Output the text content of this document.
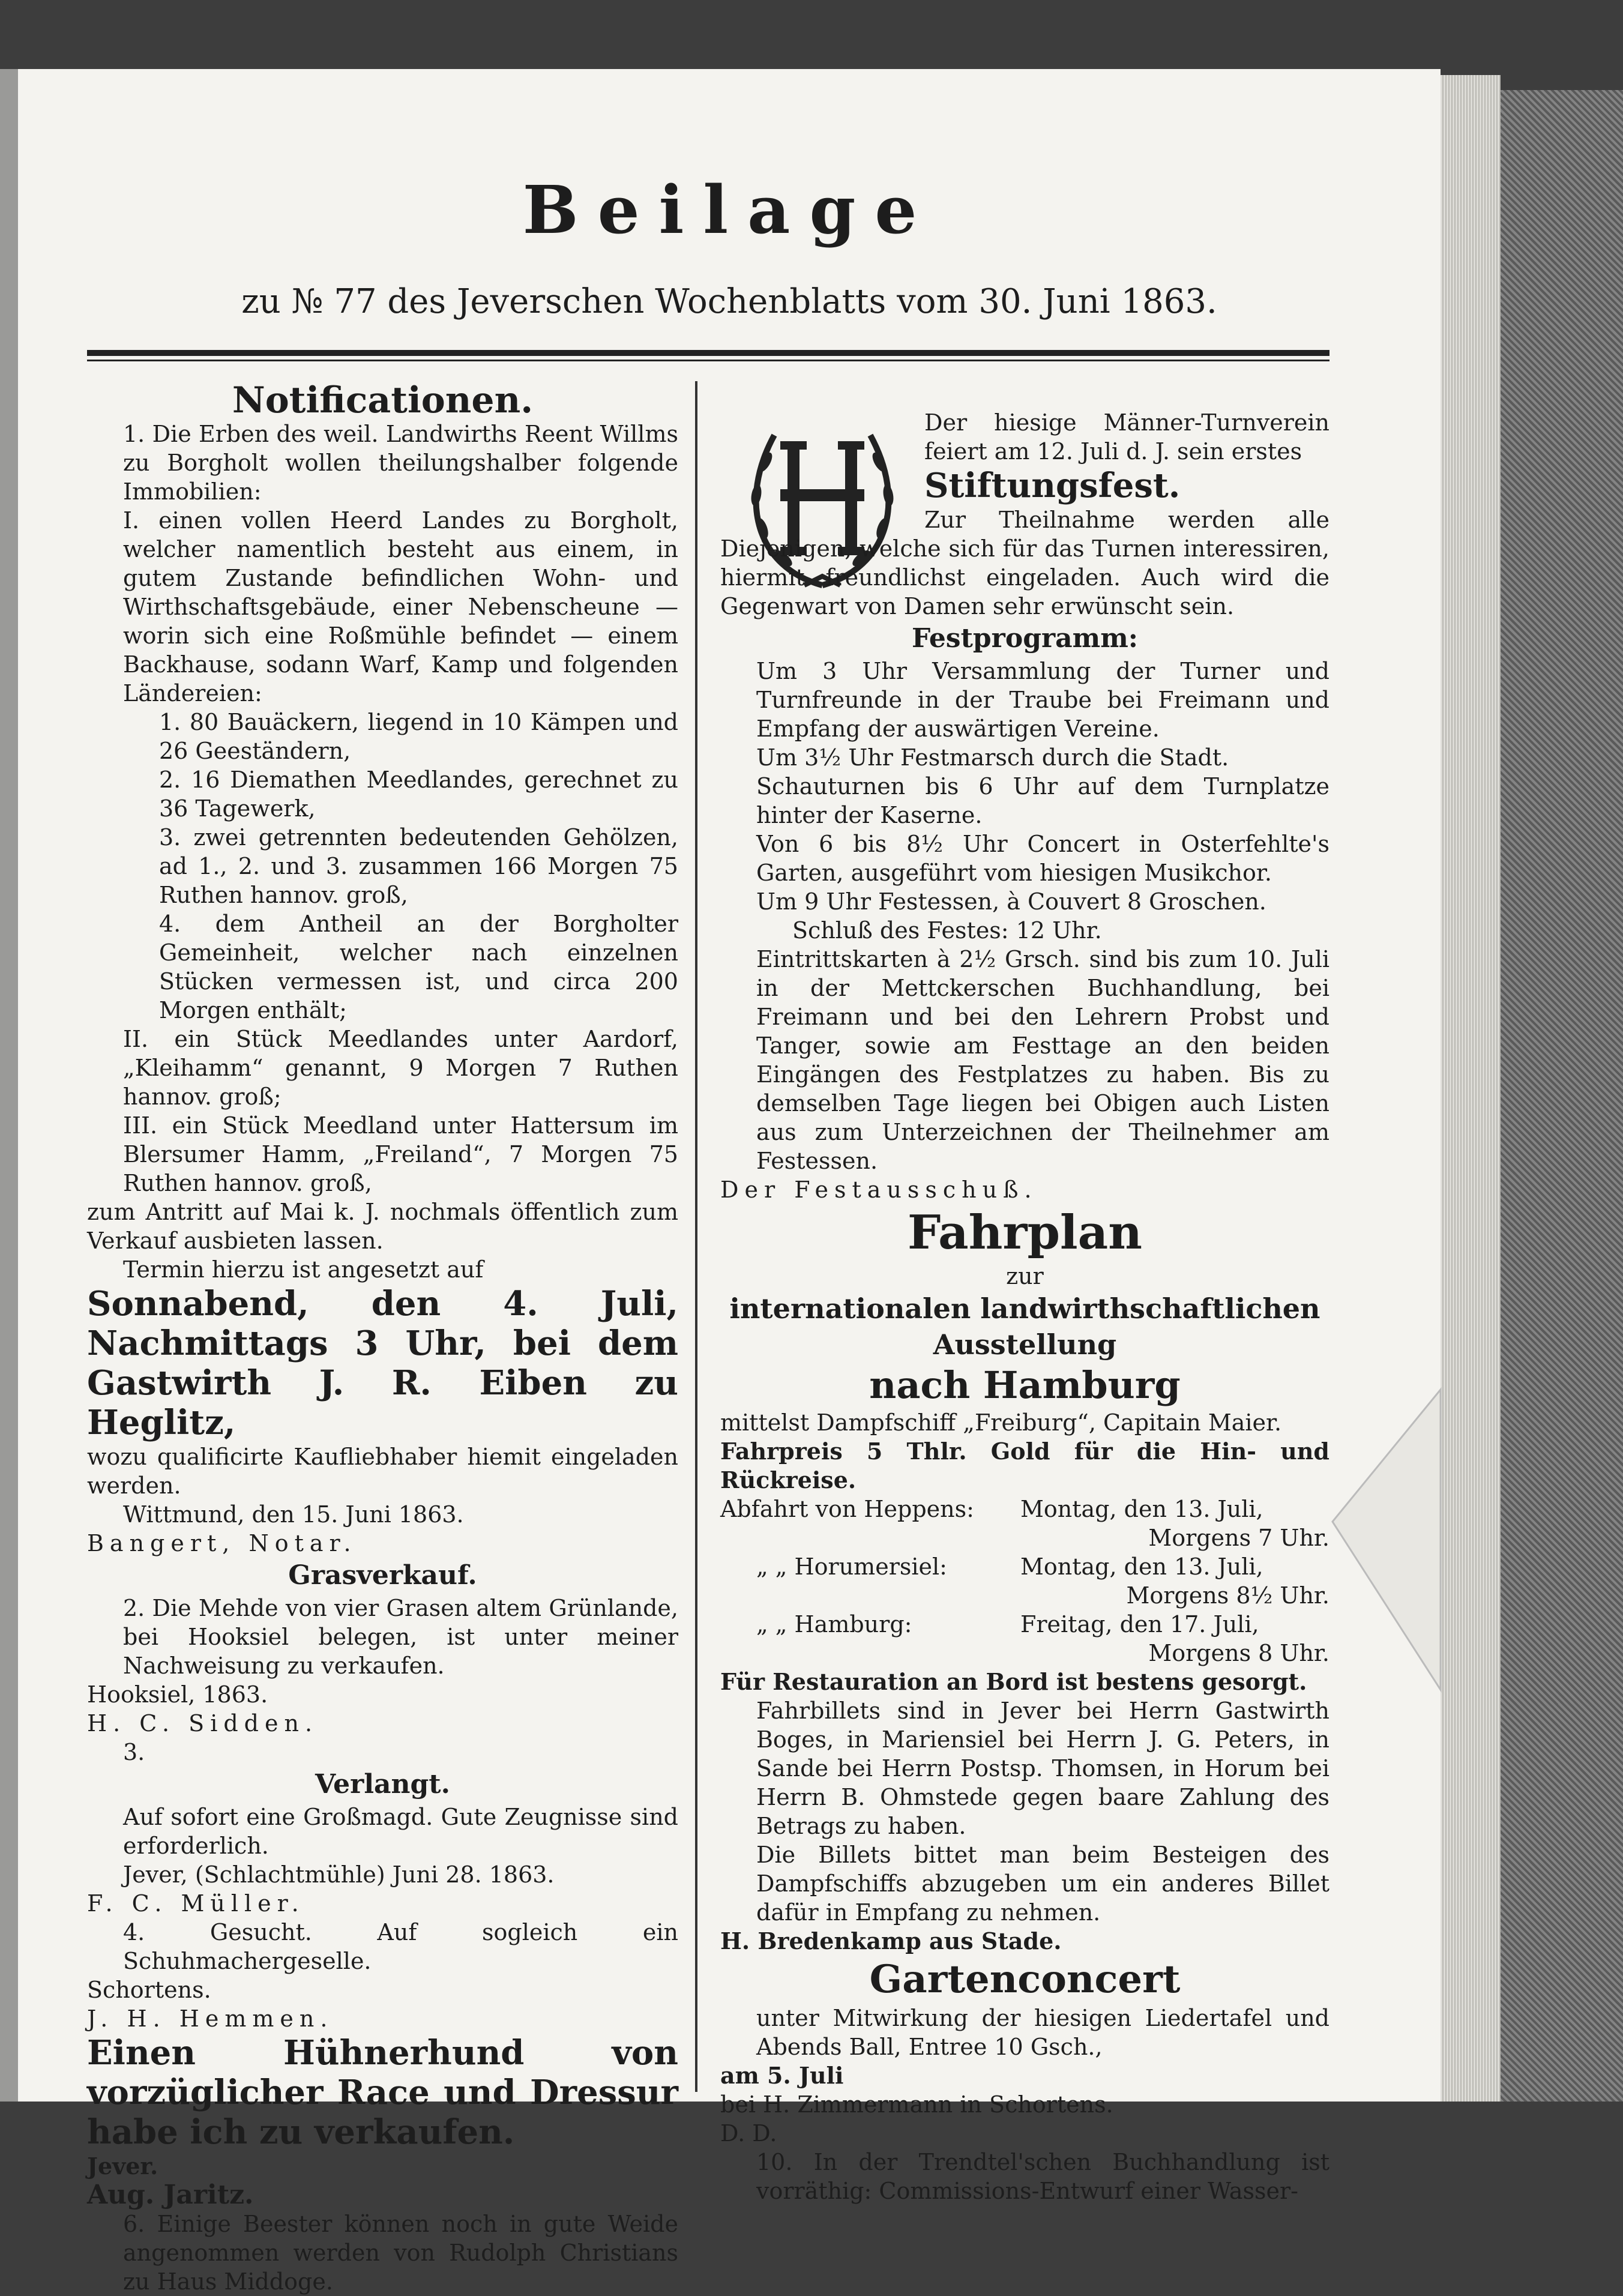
Beilage
zu № 77 des Jeverschen Wochenblatts vom 30. Juni 1863.
Notificationen.

1. Die Erben des weil. Landwirths Reent Willms zu Borgholt wollen theilungshalber folgende Immobilien:

I. einen vollen Heerd Landes zu Borgholt, welcher namentlich besteht aus einem, in gutem Zustande befindlichen Wohn- und Wirthschaftsgebäude, einer Nebenscheune — worin sich eine Roßmühle befindet — einem Backhause, sodann Warf, Kamp und folgenden Ländereien:

1. 80 Bauäckern, liegend in 10 Kämpen und 26 Geeständern,

2. 16 Diemathen Meedlandes, gerechnet zu 36 Tagewerk,

3. zwei getrennten bedeutenden Gehölzen, ad 1., 2. und 3. zusammen 166 Morgen 75 Ruthen hannov. groß,

4. dem Antheil an der Borgholter Gemeinheit, welcher nach einzelnen Stücken vermessen ist, und circa 200 Morgen enthält;

II. ein Stück Meedlandes unter Aardorf, „Kleihamm“ genannt, 9 Morgen 7 Ruthen hannov. groß;

III. ein Stück Meedland unter Hattersum im Blersumer Hamm, „Freiland“, 7 Morgen 75 Ruthen hannov. groß,

zum Antritt auf Mai k. J. nochmals öffentlich zum Verkauf ausbieten lassen.

Termin hierzu ist angesetzt auf

Sonnabend, den 4. Juli, Nachmittags 3 Uhr, bei dem Gastwirth J. R. Eiben zu Heglitz,

wozu qualificirte Kaufliebhaber hiemit eingeladen werden.

Wittmund, den 15. Juni 1863.

Bangert, Notar.

Grasverkauf.

2. Die Mehde von vier Grasen altem Grünlande, bei Hooksiel belegen, ist unter meiner Nachweisung zu verkaufen.

Hooksiel, 1863.

H. C. Sidden.

3.

Verlangt.

Auf sofort eine Großmagd. Gute Zeugnisse sind erforderlich.

Jever, (Schlachtmühle) Juni 28. 1863.

F. C. Müller.

4. Gesucht. Auf sogleich ein Schuhmachergeselle.

Schortens.

J. H. Hemmen.

Einen Hühnerhund von vorzüglicher Race und Dressur habe ich zu verkaufen.

Jever.

Aug. Jaritz.

6. Einige Beester können noch in gute Weide angenommen werden von Rudolph Christians zu Haus Middoge.

Der hiesige Männer-Turnverein feiert am 12. Juli d. J. sein erstes

Stiftungsfest.

Zur Theilnahme werden alle Diejenigen, welche sich für das Turnen interessiren, hiermit freundlichst eingeladen. Auch wird die Gegenwart von Damen sehr erwünscht sein.

Festprogramm:

Um 3 Uhr Versammlung der Turner und Turnfreunde in der Traube bei Freimann und Empfang der auswärtigen Vereine.

Um 3½ Uhr Festmarsch durch die Stadt.

Schauturnen bis 6 Uhr auf dem Turnplatze hinter der Kaserne.

Von 6 bis 8½ Uhr Concert in Osterfehlte's Garten, ausgeführt vom hiesigen Musikchor.

Um 9 Uhr Festessen, à Couvert 8 Groschen.

Schluß des Festes: 12 Uhr.

Eintrittskarten à 2½ Grsch. sind bis zum 10. Juli in der Mettckerschen Buchhandlung, bei Freimann und bei den Lehrern Probst und Tanger, sowie am Festtage an den beiden Eingängen des Festplatzes zu haben. Bis zu demselben Tage liegen bei Obigen auch Listen aus zum Unterzeichnen der Theilnehmer am Festessen.

Der Festausschuß.

Fahrplan
zur
internationalen landwirthschaftlichen
Ausstellung
nach Hamburg

mittelst Dampfschiff „Freiburg“, Capitain Maier.

Fahrpreis 5 Thlr. Gold für die Hin- und Rückreise.

Abfahrt von Heppens:	Montag, den 13. Juli,
Morgens 7 Uhr.
„ „ Horumersiel:	Montag, den 13. Juli,
Morgens 8½ Uhr.
„ „ Hamburg:	Freitag, den 17. Juli,
Morgens 8 Uhr.

Für Restauration an Bord ist bestens gesorgt.

Fahrbillets sind in Jever bei Herrn Gastwirth Boges, in Mariensiel bei Herrn J. G. Peters, in Sande bei Herrn Postsp. Thomsen, in Horum bei Herrn B. Ohmstede gegen baare Zahlung des Betrags zu haben.

Die Billets bittet man beim Besteigen des Dampfschiffs abzugeben um ein anderes Billet dafür in Empfang zu nehmen.

H. Bredenkamp aus Stade.

Gartenconcert

unter Mitwirkung der hiesigen Liedertafel und Abends Ball, Entree 10 Gsch.,

am 5. Juli

bei H. Zimmermann in Schortens.

D. D.

10. In der Trendtel'schen Buchhandlung ist vorräthig: Commissions-Entwurf einer Wasser-
